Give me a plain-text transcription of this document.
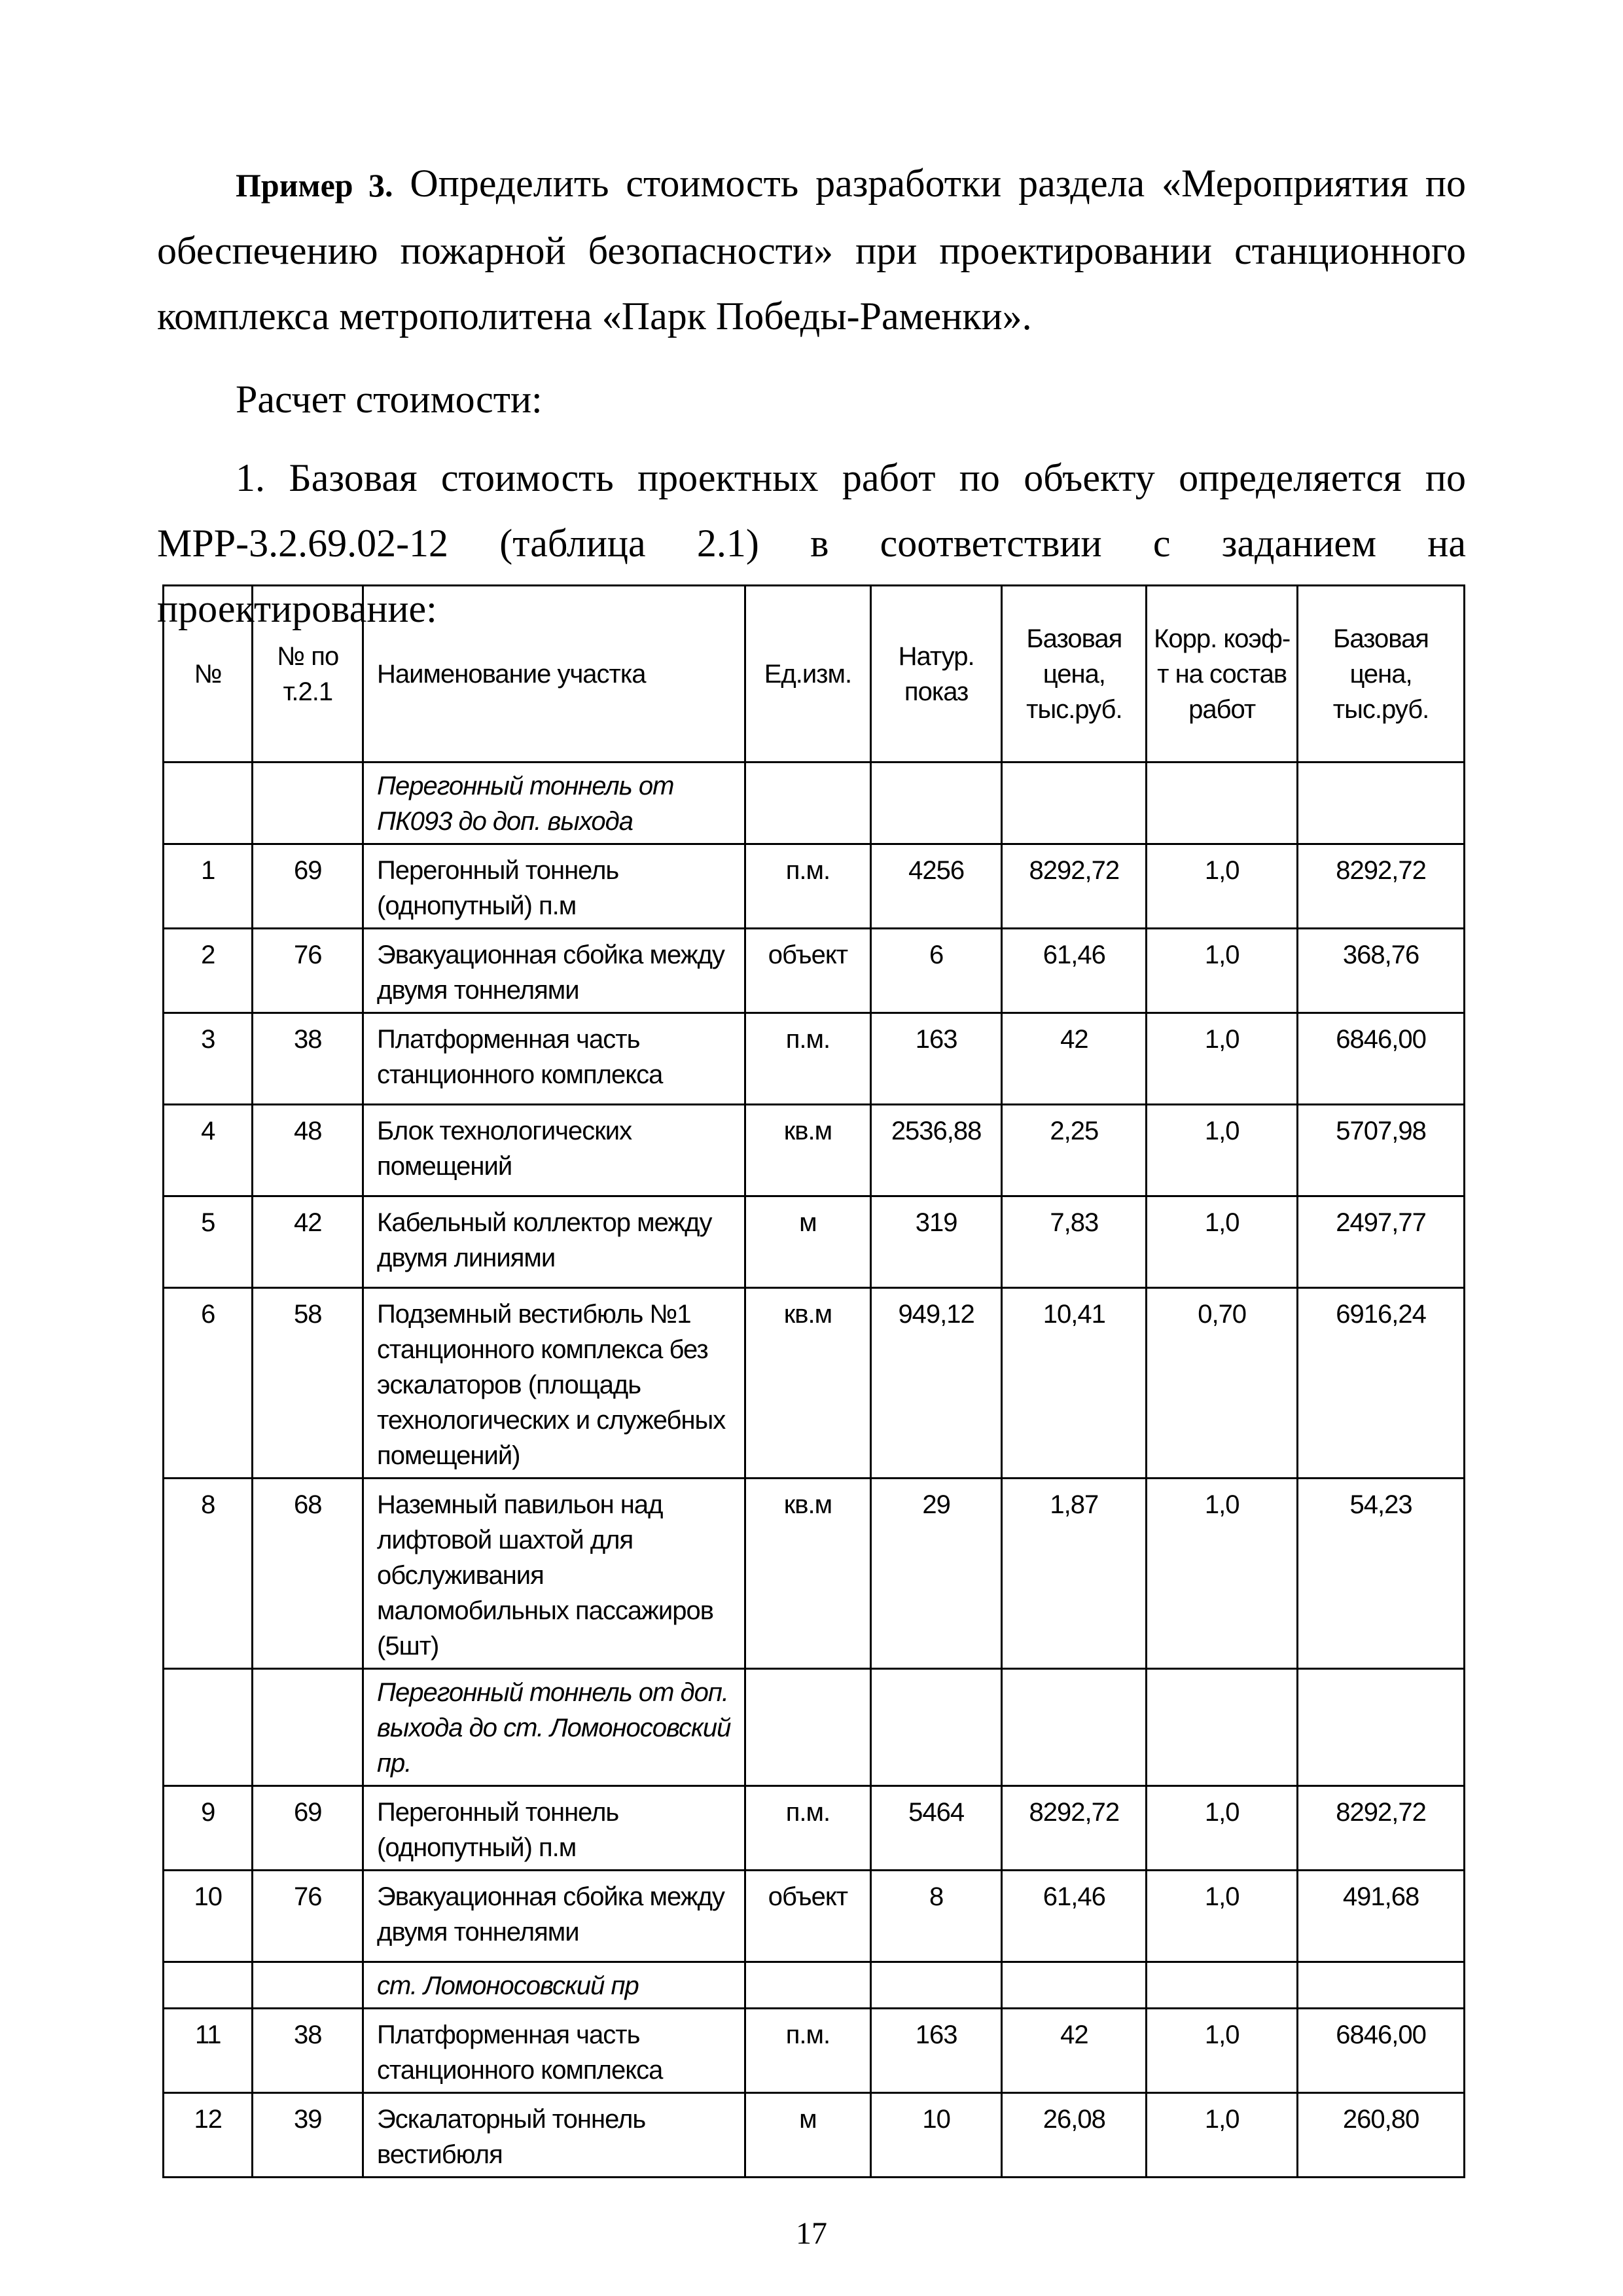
Пример 3. Определить стоимость разработки раздела «Мероприятия по обеспечению пожарной безопасности» при проектировании станционного комплекса метрополитена «Парк Победы-Раменки».

Расчет стоимости:

1. Базовая стоимость проектных работ по объекту определяется по МРР-3.2.69.02-12 (таблица 2.1) в соответствии с заданием на проектирование:

№	№ по т.2.1	Наименование участка	Ед.изм.	Натур. показ	Базовая цена, тыс.руб.	Корр. коэф-т на состав работ	Базовая цена, тыс.руб.
		Перегонный тоннель от ПК093 до доп. выхода					
1	69	Перегонный тоннель (однопутный) п.м	п.м.	4256	8292,72	1,0	8292,72
2	76	Эвакуационная сбойка между двумя тоннелями	объект	6	61,46	1,0	368,76
3	38	Платформенная часть станционного комплекса	п.м.	163	42	1,0	6846,00
4	48	Блок технологических помещений	кв.м	2536,88	2,25	1,0	5707,98
5	42	Кабельный коллектор между двумя линиями	м	319	7,83	1,0	2497,77
6	58	Подземный вестибюль №1 станционного комплекса без эскалаторов (площадь технологических и служебных помещений)	кв.м	949,12	10,41	0,70	6916,24
8	68	Наземный павильон над лифтовой шахтой для обслуживания маломобильных пассажиров (5шт)	кв.м	29	1,87	1,0	54,23
		Перегонный тоннель от доп. выхода до ст. Ломоносовский пр.					
9	69	Перегонный тоннель (однопутный) п.м	п.м.	5464	8292,72	1,0	8292,72
10	76	Эвакуационная сбойка между двумя тоннелями	объект	8	61,46	1,0	491,68
		ст. Ломоносовский пр					
11	38	Платформенная часть станционного комплекса	п.м.	163	42	1,0	6846,00
12	39	Эскалаторный тоннель вестибюля	м	10	26,08	1,0	260,80
17
